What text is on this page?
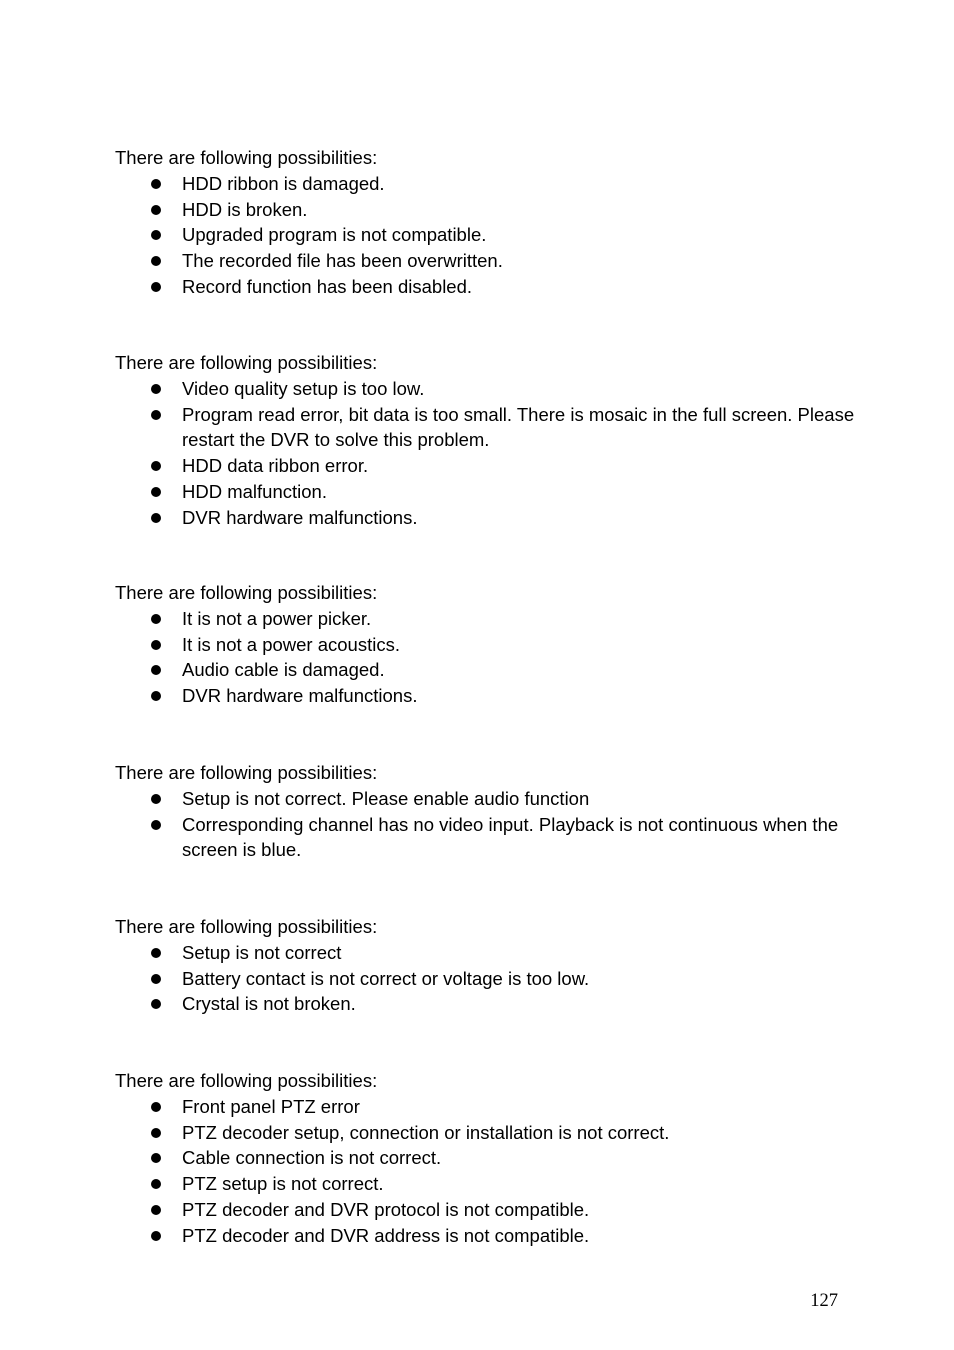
There are following possibilities:

HDD ribbon is damaged.
HDD is broken.
Upgraded program is not compatible.
The recorded file has been overwritten.
Record function has been disabled.

There are following possibilities:

Video quality setup is too low.
Program read error, bit data is too small. There is mosaic in the full screen. Please restart the DVR to solve this problem.
HDD data ribbon error.
HDD malfunction.
DVR hardware malfunctions.

There are following possibilities:

It is not a power picker.
It is not a power acoustics.
Audio cable is damaged.
DVR hardware malfunctions.

There are following possibilities:

Setup is not correct. Please enable audio function
Corresponding channel has no video input. Playback is not continuous when the screen is blue.

There are following possibilities:

Setup is not correct
Battery contact is not correct or voltage is too low.
Crystal is not broken.

There are following possibilities:

Front panel PTZ error
PTZ decoder setup, connection or installation is not correct.
Cable connection is not correct.
PTZ setup is not correct.
PTZ decoder and DVR protocol is not compatible.
PTZ decoder and DVR address is not compatible.
127
